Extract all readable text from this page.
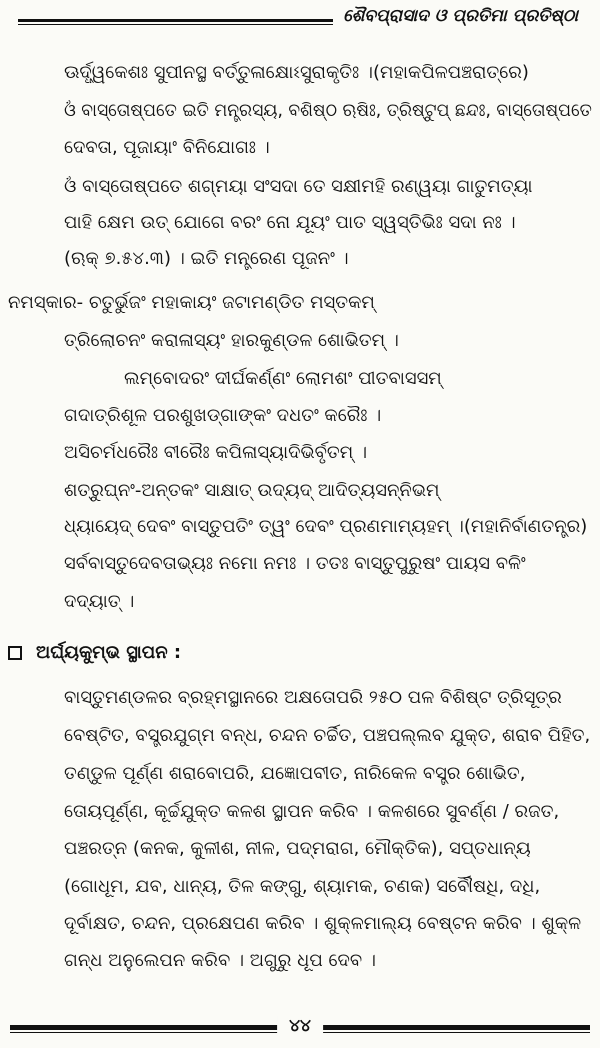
ଶୈବପ୍ରାସାଦ ଓ ପ୍ରତିମା ପ୍ରତିଷ୍ଠା
ଊର୍ଦ୍ଧ୍ୱକେଶଃ ସୁପୀନସ୍ଥ ବର୍ତ୍ତୁଳାକ୍ଷୋଽସୁରାକୃତିଃ ।(ମହାକପିଳପଞ୍ଚରାତ୍ରେ)
ଓଁ ବାସ୍ତୋଷ୍ପତେ ଇତି ମନ୍ତ୍ରସ୍ୟ, ବଶିଷ୍ଠ ଋଷିଃ, ତ୍ରିଷ୍ଟୁପ୍ ଛନ୍ଦଃ, ବାସ୍ତୋଷ୍ପତେ
ଦେବତା, ପୂଜାୟାଂ ବିନିଯୋଗଃ ।
ଓଁ ବାସ୍ତୋଷ୍ପତେ ଶଗ୍ମୟା ସଂସଦା ତେ ସକ୍ଷୀମହି ରଣ୍ୱୟା ଗାତୁମତ୍ୟା
ପାହି କ୍ଷେମ ଉତ୍ ଯୋଗେ ବରଂ ନୋ ଯୂୟଂ ପାତ ସ୍ୱସ୍ତିଭିଃ ସଦା ନଃ ।
(ଋକ୍ ୭.୫୪.୩) । ଇତି ମନ୍ତ୍ରେଣ ପୂଜନଂ ।
ନମସ୍କାର- ଚତୁର୍ଭୁଜଂ ମହାକାୟଂ ଜଟାମଣ୍ଡିତ ମସ୍ତକମ୍
ତ୍ରିଲୋଚନଂ କରାଳାସ୍ୟଂ ହାରକୁଣ୍ଡଳ ଶୋଭିତମ୍ ।
ଲମ୍ବୋଦରଂ ଦୀର୍ଘକର୍ଣ୍ଣଂ ଲୋମଶଂ ପୀତବାସସମ୍
ଗଦାତ୍ରିଶୂଳ ପରଶୁଖଡ୍ଗାଙ୍କଂ ଦଧତଂ କରୈଃ ।
ଅସିଚର୍ମଧରୈଃ ବୀରୈଃ କପିଳାସ୍ୟାଦିଭିର୍ବୃତମ୍ ।
ଶତ୍ରୁଘ୍ନଂ-ଅନ୍ତକଂ ସାକ୍ଷାତ୍ ଉଦ୍ୟଦ୍ ଆଦିତ୍ୟସନ୍ନିଭମ୍
ଧ୍ୟାୟେଦ୍ ଦେବଂ ବାସ୍ତୁପତିଂ ତ୍ୱଂ ଦେବଂ ପ୍ରଣମାମ୍ୟହମ୍ ।(ମହାନିର୍ବାଣତନ୍ତ୍ର)
ସର୍ବବାସ୍ତୁଦେବତାଭ୍ୟଃ ନମୋ ନମଃ । ତତଃ ବାସ୍ତୁପୁରୁଷଂ ପାୟସ ବଳିଂ
ଦଦ୍ୟାତ୍ ।
ଅର୍ଘ୍ୟକୁମ୍ଭ ସ୍ଥାପନ :
ବାସ୍ତୁମଣ୍ଡଳର ବ୍ରହ୍ମସ୍ଥାନରେ ଅକ୍ଷତୋପରି ୨୫୦ ପଳ ବିଶିଷ୍ଟ ତ୍ରିସୂତ୍ର
ବେଷ୍ଟିତ, ବସ୍ତ୍ରଯୁଗ୍ମ ବନ୍ଧ, ଚନ୍ଦନ ଚର୍ଚ୍ଚିତ, ପଞ୍ଚପଲ୍ଲବ ଯୁକ୍ତ, ଶରାବ ପିହିତ,
ତଣ୍ଡୁଳ ପୂର୍ଣ୍ଣ ଶରାବୋପରି, ଯଜ୍ଞୋପବୀତ, ନାରିକେଳ ବସ୍ତ୍ର ଶୋଭିତ,
ତୋୟପୂର୍ଣ୍ଣ, କୂର୍ଚ୍ଚଯୁକ୍ତ କଳଶ ସ୍ଥାପନ କରିବ । କଳଶରେ ସୁବର୍ଣ୍ଣ / ରଜତ,
ପଞ୍ଚରତ୍ନ (କନକ, କୁଳୀଶ, ନୀଳ, ପଦ୍ମରାଗ, ମୌକ୍ତିକ), ସପ୍ତଧାନ୍ୟ
(ଗୋଧୂମ, ଯବ, ଧାନ୍ୟ, ତିଳ କଙ୍ଗୁ, ଶ୍ୟାମକ, ଚଣକ) ସର୍ବୌଷଧି, ଦଧି,
ଦୂର୍ବାକ୍ଷତ, ଚନ୍ଦନ, ପ୍ରକ୍ଷେପଣ କରିବ । ଶୁକ୍ଳମାଲ୍ୟ ବେଷ୍ଟନ କରିବ । ଶୁକ୍ଳ
ଗନ୍ଧ ଅନୁଲେପନ କରିବ । ଅଗୁରୁ ଧୂପ ଦେବ ।
୪୪
